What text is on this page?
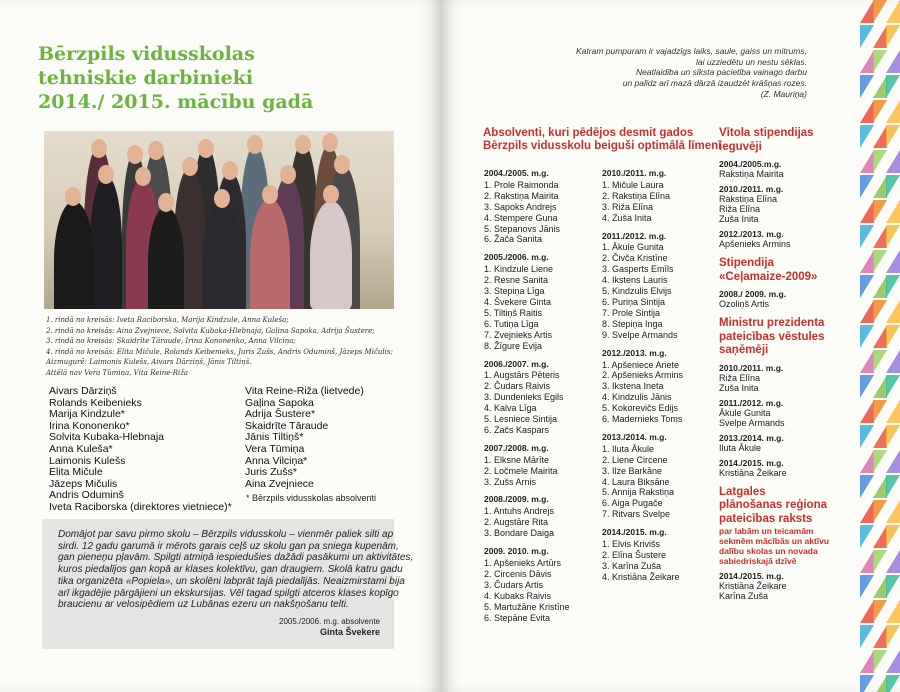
Bērzpils vidusskolas
tehniskie darbinieki
2014./ 2015. mācību gadā
1. rindā no kreisās: Iveta Raciborska, Marija Kindzule, Anna Kuleša;
2. rindā no kreisās: Aina Zvejniece, Solvita Kubaka-Hlebnaja, Gaļina Sapoka, Adrija Šustere;
3. rindā no kreisās: Skaidrīte Tāraude, Irina Kononenko, Anna Vilciņa;
4. rindā no kreisās: Elita Mičule, Rolands Keibenieks, Juris Zušs, Andris Oduminš, Jāzeps Mičulis;
Aizmugurē: Laimonis Kulešs, Aivars Dārziņš, Jānis Tiltiņš.
Attēlā nav Vera Tūmiņa, Vita Reine-Riža
Aivars Dārziņš
Rolands Keibenieks
Marija Kindzule*
Irina Kononenko*
Solvita Kubaka-Hlebnaja
Anna Kuleša*
Laimonis Kulešs
Elita Mičule
Jāzeps Mičulis
Andris Oduminš
Iveta Raciborska (direktores vietniece)*
Vita Reine-Riža (lietvede)
Gaļina Sapoka
Adrija Šustere*
Skaidrīte Tāraude
Jānis Tiltiņš*
Vera Tūmiņa
Anna Vilciņa*
Juris Zušs*
Aina Zvejniece
* Bērzpils vidusskolas absolventi
Domājot par savu pirmo skolu – Bērzpils vidusskolu – vienmēr paliek silti ap
sirdi. 12 gadu garumā ir mērots garais ceļš uz skolu gan pa sniega kupenām,
gan pieneņu pļavām. Spilgti atmiņā iespiedušies dažādi pasākumi un aktivitātes,
kuros piedalījos gan kopā ar klases kolektīvu, gan draugiem. Skolā katru gadu
tika organizēta «Popiela», un skolēni labprāt tajā piedalījās. Neaizmirstami bija
arī ikgadējie pārgājieni un ekskursijas. Vēl tagad spilgti atceros klases kopīgo
braucienu ar velosipēdiem uz Lubānas ezeru un nakšņošanu telti.
2005./2006. m.g. absolvente
Ginta Švekere
Katram pumpuram ir vajadzīgs laiks, saule, gaiss un mitrums,
lai uzziedētu un nestu sēklas.
Neatlaidība un sīksta pacietība vainago darbu
un palīdz arī mazā dārzā izaudzēt krāšņas rozes.
(Z. Mauriņa)
Absolventi, kuri pēdējos desmit gados
Bērzpils vidusskolu beiguši optimālā līmenī
2004./2005. m.g.
1. Prole Raimonda
2. Rakstiņa Mairita
3. Sapoks Andrejs
4. Stempere Guna
5. Stepanovs Jānis
6. Žača Sanita
2005./2006. m.g.
1. Kindzule Liene
2. Resne Sanita
3. Stepiņa Līga
4. Švekere Ginta
5. Tiltiņš Raitis
6. Tutiņa Līga
7. Zvejnieks Artis
8. Žīgure Evija
2006./2007. m.g.
1. Augstārs Pēteris
2. Čudars Raivis
3. Dundenieks Egils
4. Kalva Līga
5. Lesniece Sintija
6. Začs Kaspars
2007./2008. m.g.
1. Elksne Mārīte
2. Ločmele Mairita
3. Zušs Arnis
2008./2009. m.g.
1. Antuhs Andrejs
2. Augstāre Rita
3. Bondare Daiga
2009. 2010. m.g.
1. Apšenieks Artūrs
2. Circenis Dāvis
3. Čudars Artis
4. Kubaks Raivis
5. Martužāne Kristīne
6. Stepāne Evita
2010./2011. m.g.
1. Mičule Laura
2. Rakstiņa Elīna
3. Riža Elīna
4. Zuša Inita
2011./2012. m.g.
1. Ākule Gunita
2. Čivča Kristīne
3. Gasperts Emīls
4. Ikstens Lauris
5. Kindzulis Elvijs
6. Puriņa Sintija
7. Prole Sintija
8. Stepiņa Inga
9. Svelpe Armands
2012./2013. m.g.
1. Apšeniece Anete
2. Apšenieks Armins
3. Ikstena Ineta
4. Kindzulis Jānis
5. Kokorevičs Edijs
6. Madernieks Toms
2013./2014. m.g.
1. Iluta Ākule
2. Liene Circene
3. Ilze Barkāne
4. Laura Biksāne
5. Annija Rakstiņa
6. Aiga Pugače
7. Ritvars Svelpe
2014./2015. m.g.
1. Elvis Krivišs
2. Elīna Šustere
3. Karīna Zuša
4. Kristiāna Žeikare
Vītola stipendijas
ieguvēji
2004./2005.m.g.
Rakstiņa Mairita
2010./2011. m.g.
Rakstiņa Elīna
Riža Elīna
Zuša Inita
2012./2013. m.g.
Apšenieks Armins
Stipendija
«Ceļamaize-2009»
2008./ 2009. m.g.
Ozoliņš Artis
Ministru prezidenta
pateicības vēstules
saņēmēji
2010./2011. m.g.
Riža Elīna
Zuša Inita
2011./2012. m.g.
Ākule Gunita
Svelpe Armands
2013./2014. m.g.
Iluta Ākule
2014./2015. m.g.
Kristiāna Žeikare
Latgales
plānošanas reģiona
pateicības raksts
par labām un teicamām
sekmēm mācībās un aktīvu
dalību skolas un novada
sabiedriskajā dzīvē
2014./2015. m.g.
Kristiāna Žeikare
Karīna Zuša
